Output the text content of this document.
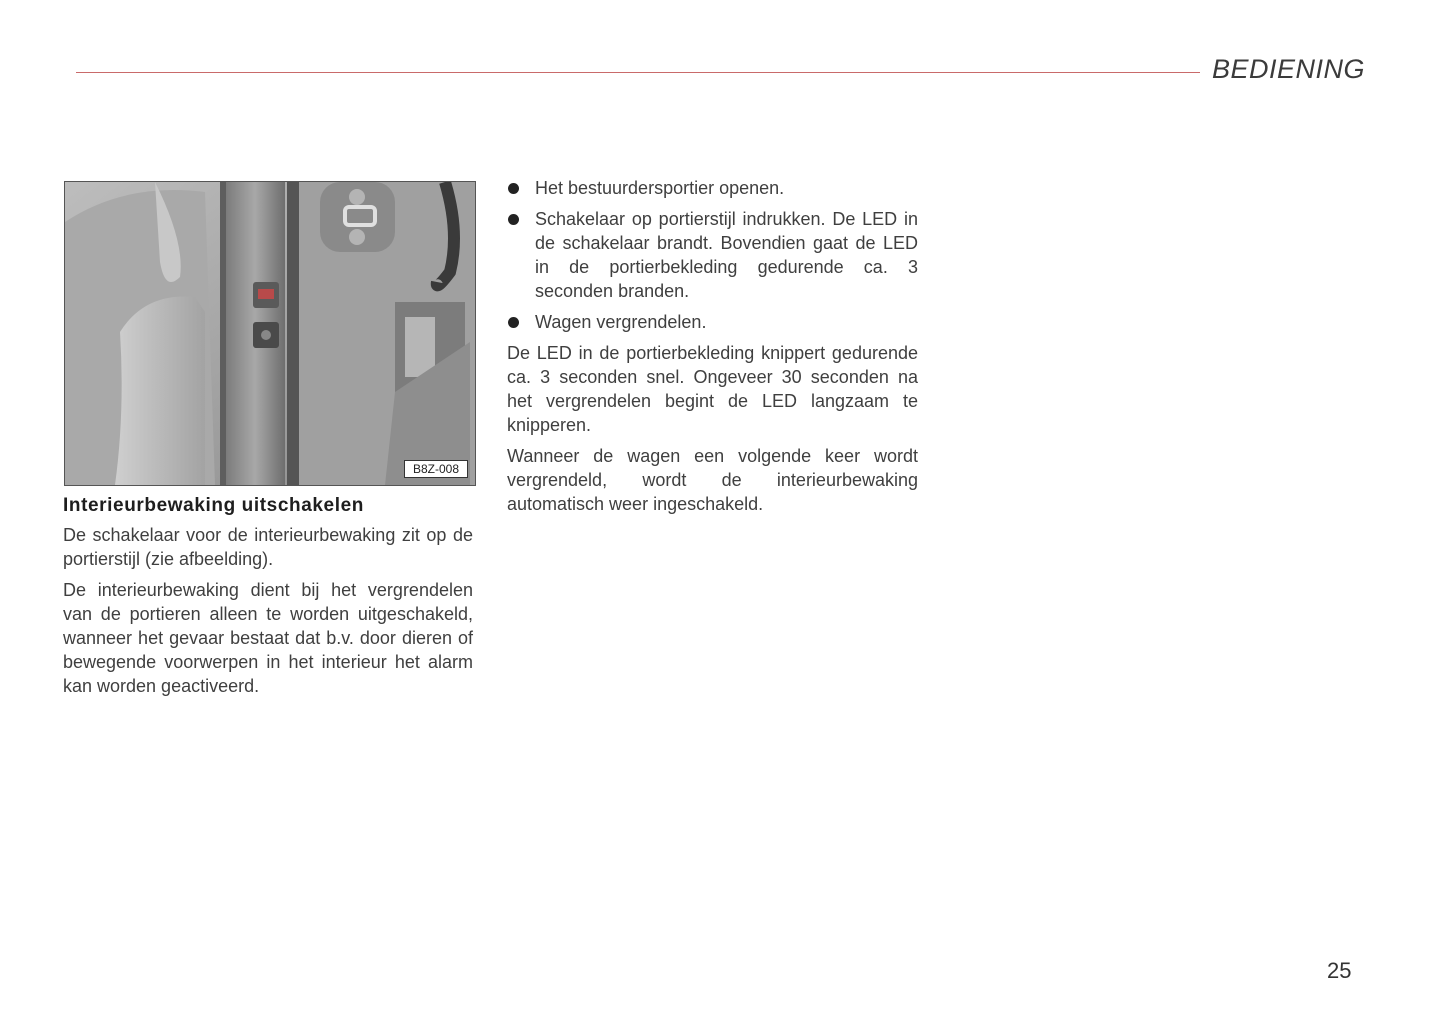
BEDIENING
B8Z-008
Interieurbewaking uitschakelen

De schakelaar voor de interieurbewaking zit op de portierstijl (zie afbeelding).

De interieurbewaking dient bij het vergrendelen van de portieren alleen te worden uitgeschakeld, wanneer het gevaar bestaat dat b.v. door dieren of bewegende voorwerpen in het interieur het alarm kan worden geactiveerd.

Het bestuurdersportier openen.

Schakelaar op portierstijl indrukken. De LED in de schakelaar brandt. Bovendien gaat de LED in de portierbekleding gedurende ca. 3 seconden branden.

Wagen vergrendelen.

De LED in de portierbekleding knippert gedurende ca. 3 seconden snel. Ongeveer 30 seconden na het vergrendelen begint de LED langzaam te knipperen.

Wanneer de wagen een volgende keer wordt vergrendeld, wordt de interieurbewaking automatisch weer ingeschakeld.

25
